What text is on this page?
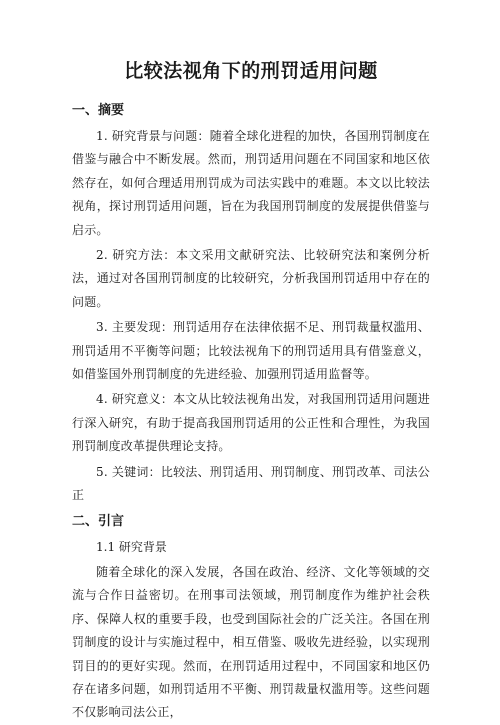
比较法视角下的刑罚适用问题
一、摘要

1. 研究背景与问题：随着全球化进程的加快，各国刑罚制度在借鉴与融合中不断发展。然而，刑罚适用问题在不同国家和地区依然存在，如何合理适用刑罚成为司法实践中的难题。本文以比较法视角，探讨刑罚适用问题，旨在为我国刑罚制度的发展提供借鉴与启示。

2. 研究方法：本文采用文献研究法、比较研究法和案例分析法，通过对各国刑罚制度的比较研究，分析我国刑罚适用中存在的问题。

3. 主要发现：刑罚适用存在法律依据不足、刑罚裁量权滥用、刑罚适用不平衡等问题；比较法视角下的刑罚适用具有借鉴意义，如借鉴国外刑罚制度的先进经验、加强刑罚适用监督等。

4. 研究意义：本文从比较法视角出发，对我国刑罚适用问题进行深入研究，有助于提高我国刑罚适用的公正性和合理性，为我国刑罚制度改革提供理论支持。

5. 关键词：比较法、刑罚适用、刑罚制度、刑罚改革、司法公正

二、引言
1.1 研究背景

随着全球化的深入发展，各国在政治、经济、文化等领域的交流与合作日益密切。在刑事司法领域，刑罚制度作为维护社会秩序、保障人权的重要手段，也受到国际社会的广泛关注。各国在刑罚制度的设计与实施过程中，相互借鉴、吸收先进经验，以实现刑罚目的的更好实现。然而，在刑罚适用过程中，不同国家和地区仍存在诸多问题，如刑罚适用不平衡、刑罚裁量权滥用等。这些问题不仅影响司法公正，
